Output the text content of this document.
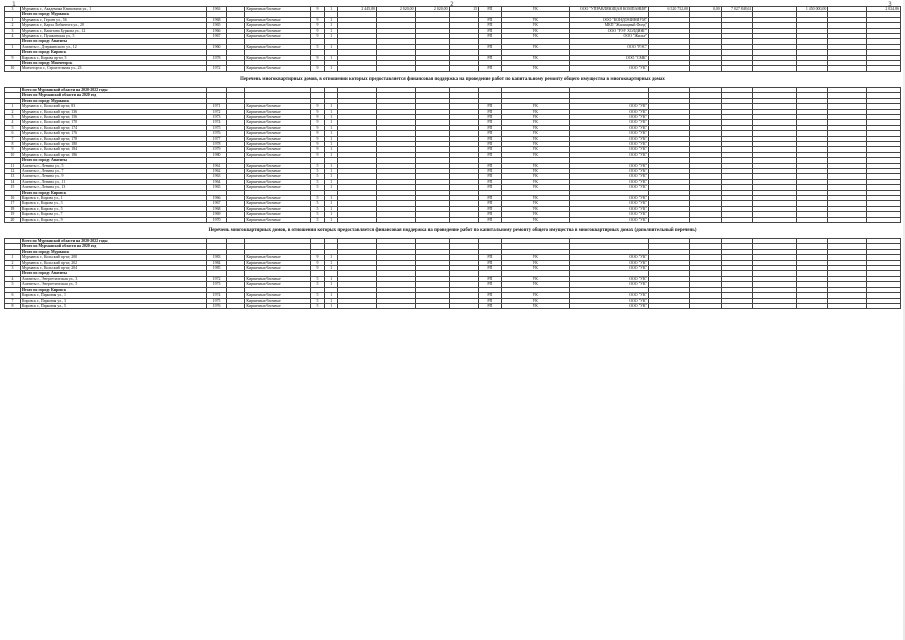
1	2	3
3	Мурманск г., Академика Книповича ул., 1	1963		Кирпичные/блочные	9	1	2 445,80	2 020,00	2 020,00	15	РП	УК	ООО "УПРАВЛЯЮЩАЯ КОМПАНИЯ"	6 520 752,00	0,00	7 027 848,61		1 450 000,00		2 024,86
	Итого по городу Мурманск																			
1	Мурманск г., Героев ул., 56	1968		Кирпичные/блочные	9	1					РП	УК	ООО "КОНДОМИНИУМ"							
2	Мурманск г., Карла Либкнехта ул., 28	1965		Кирпичные/блочные	9	1					РП	УК	МКП "Жилищный Фонд"							
3	Мурманск г., Капитана Буркова ул., 12	1966		Кирпичные/блочные	9	1					РП	УК	ООО "РЭУ ХОЛДИНГ"							
4	Мурманск г., Пушкинская ул., 5	1967		Кирпичные/блочные	9	1					РП	УК	ООО "Жилье"							
	Итого по городу Апатиты																			
1	Апатиты г., Дзержинского ул., 12	1960		Кирпичные/блочные	5	1					РП	УК	ООО "РЭС"							
	Итого по городу Кировск																			
9	Кировск г., Кирова пр-кт, 5	1978		Кирпичные/блочные	9	1					РП	УК	ООО "СМК"							
	Итого по городу Мончегорск																			
10	Мончегорск г., Строительная ул., 23	1972		Кирпичные/блочные	9	1					РП	УК	ООО "УК"							
Перечень многоквартирных домов, в отношении которых предоставляется финансовая поддержка на проведение работ по капитальному ремонту общего имущества в многоквартирных домах
	Всего по Мурманской области на 2020-2022 годы																			
	Итого по Мурманской области на 2020 год																			
	Итого по городу Мурманск																			
1	Мурманск г., Кольский пр-кт, 83	1971		Кирпичные/блочные	9	1					РП	УК	ООО "УК"							
2	Мурманск г., Кольский пр-кт, 136	1972		Кирпичные/блочные	9	1					РП	УК	ООО "УК"							
3	Мурманск г., Кольский пр-кт, 156	1973		Кирпичные/блочные	9	1					РП	УК	ООО "УК"							
4	Мурманск г., Кольский пр-кт, 170	1974		Кирпичные/блочные	9	1					РП	УК	ООО "УК"							
5	Мурманск г., Кольский пр-кт, 174	1975		Кирпичные/блочные	9	1					РП	УК	ООО "УК"							
6	Мурманск г., Кольский пр-кт, 176	1976		Кирпичные/блочные	9	1					РП	УК	ООО "УК"							
7	Мурманск г., Кольский пр-кт, 178	1977		Кирпичные/блочные	9	1					РП	УК	ООО "УК"							
8	Мурманск г., Кольский пр-кт, 180	1978		Кирпичные/блочные	9	1					РП	УК	ООО "УК"							
9	Мурманск г., Кольский пр-кт, 184	1979		Кирпичные/блочные	9	1					РП	УК	ООО "УК"							
10	Мурманск г., Кольский пр-кт, 186	1980		Кирпичные/блочные	9	1					РП	УК	ООО "УК"							
	Итого по городу Апатиты																			
11	Апатиты г., Ленина ул., 5	1961		Кирпичные/блочные	5	1					РП	УК	ООО "УК"							
12	Апатиты г., Ленина ул., 7	1962		Кирпичные/блочные	5	1					РП	УК	ООО "УК"							
13	Апатиты г., Ленина ул., 9	1963		Кирпичные/блочные	5	1					РП	УК	ООО "УК"							
14	Апатиты г., Ленина ул., 11	1964		Кирпичные/блочные	5	1					РП	УК	ООО "УК"							
15	Апатиты г., Ленина ул., 13	1965		Кирпичные/блочные	5	1					РП	УК	ООО "УК"							
	Итого по городу Кировск																			
16	Кировск г., Кирова ул., 1	1966		Кирпичные/блочные	5	1					РП	УК	ООО "УК"							
17	Кировск г., Кирова ул., 3	1967		Кирпичные/блочные	5	1					РП	УК	ООО "УК"							
18	Кировск г., Кирова ул., 5	1968		Кирпичные/блочные	5	1					РП	УК	ООО "УК"							
19	Кировск г., Кирова ул., 7	1969		Кирпичные/блочные	5	1					РП	УК	ООО "УК"							
20	Кировск г., Кирова ул., 9	1970		Кирпичные/блочные	5	1					РП	УК	ООО "УК"							
Перечень многоквартирных домов, в отношении которых предоставляется финансовая поддержка на проведение работ по капитальному ремонту общего имущества в многоквартирных домах (дополнительный перечень)
	Всего по Мурманской области на 2020-2022 годы																			
	Итого по Мурманской области на 2020 год																			
	Итого по городу Мурманск																			
1	Мурманск г., Кольский пр-кт, 200	1983		Кирпичные/блочные	9	1					РП	УК	ООО "УК"							
2	Мурманск г., Кольский пр-кт, 202	1984		Кирпичные/блочные	9	1					РП	УК	ООО "УК"							
3	Мурманск г., Кольский пр-кт, 204	1985		Кирпичные/блочные	9	1					РП	УК	ООО "УК"							
	Итого по городу Апатиты																			
4	Апатиты г., Энергетическая ул., 3	1972		Кирпичные/блочные	5	1					РП	УК	ООО "УК"							
5	Апатиты г., Энергетическая ул., 5	1973		Кирпичные/блочные	5	1					РП	УК	ООО "УК"							
	Итого по городу Кировск																			
6	Кировск г., Парковая ул., 1	1974		Кирпичные/блочные	5	1					РП	УК	ООО "УК"							
7	Кировск г., Парковая ул., 3	1975		Кирпичные/блочные	5	1					РП	УК	ООО "УК"							
8	Кировск г., Парковая ул., 5	1976		Кирпичные/блочные	5	1					РП	УК	ООО "УК"							
